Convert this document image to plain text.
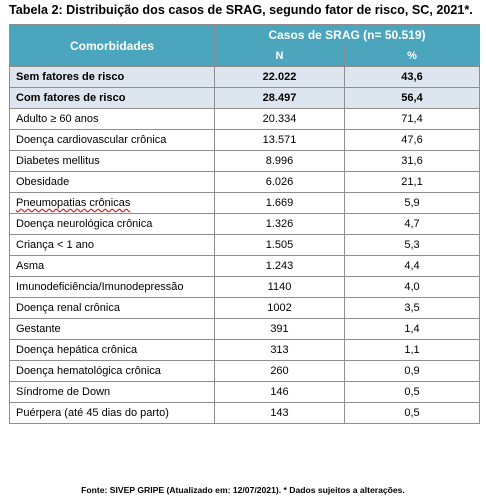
Tabela 2: Distribuição dos casos de SRAG, segundo fator de risco, SC, 2021*.
Comorbidades	Casos de SRAG (n= 50.519)	
	N	%
Sem fatores de risco	22.022	43,6
Com fatores de risco	28.497	56,4
Adulto ≥ 60 anos	20.334	71,4
Doença cardiovascular crônica	13.571	47,6
Diabetes mellitus	8.996	31,6
Obesidade	6.026	21,1
Pneumopatias crônicas	1.669	5,9
Doença neurológica crônica	1.326	4,7
Criança < 1 ano	1.505	5,3
Asma	1.243	4,4
Imunodeficiência/Imunodepressão	1140	4,0
Doença renal crônica	1002	3,5
Gestante	391	1,4
Doença hepática crônica	313	1,1
Doença hematológica crônica	260	0,9
Síndrome de Down	146	0,5
Puérpera (até 45 dias do parto)	143	0,5
Fonte: SIVEP GRIPE (Atualizado em: 12/07/2021). * Dados sujeitos a alterações.
